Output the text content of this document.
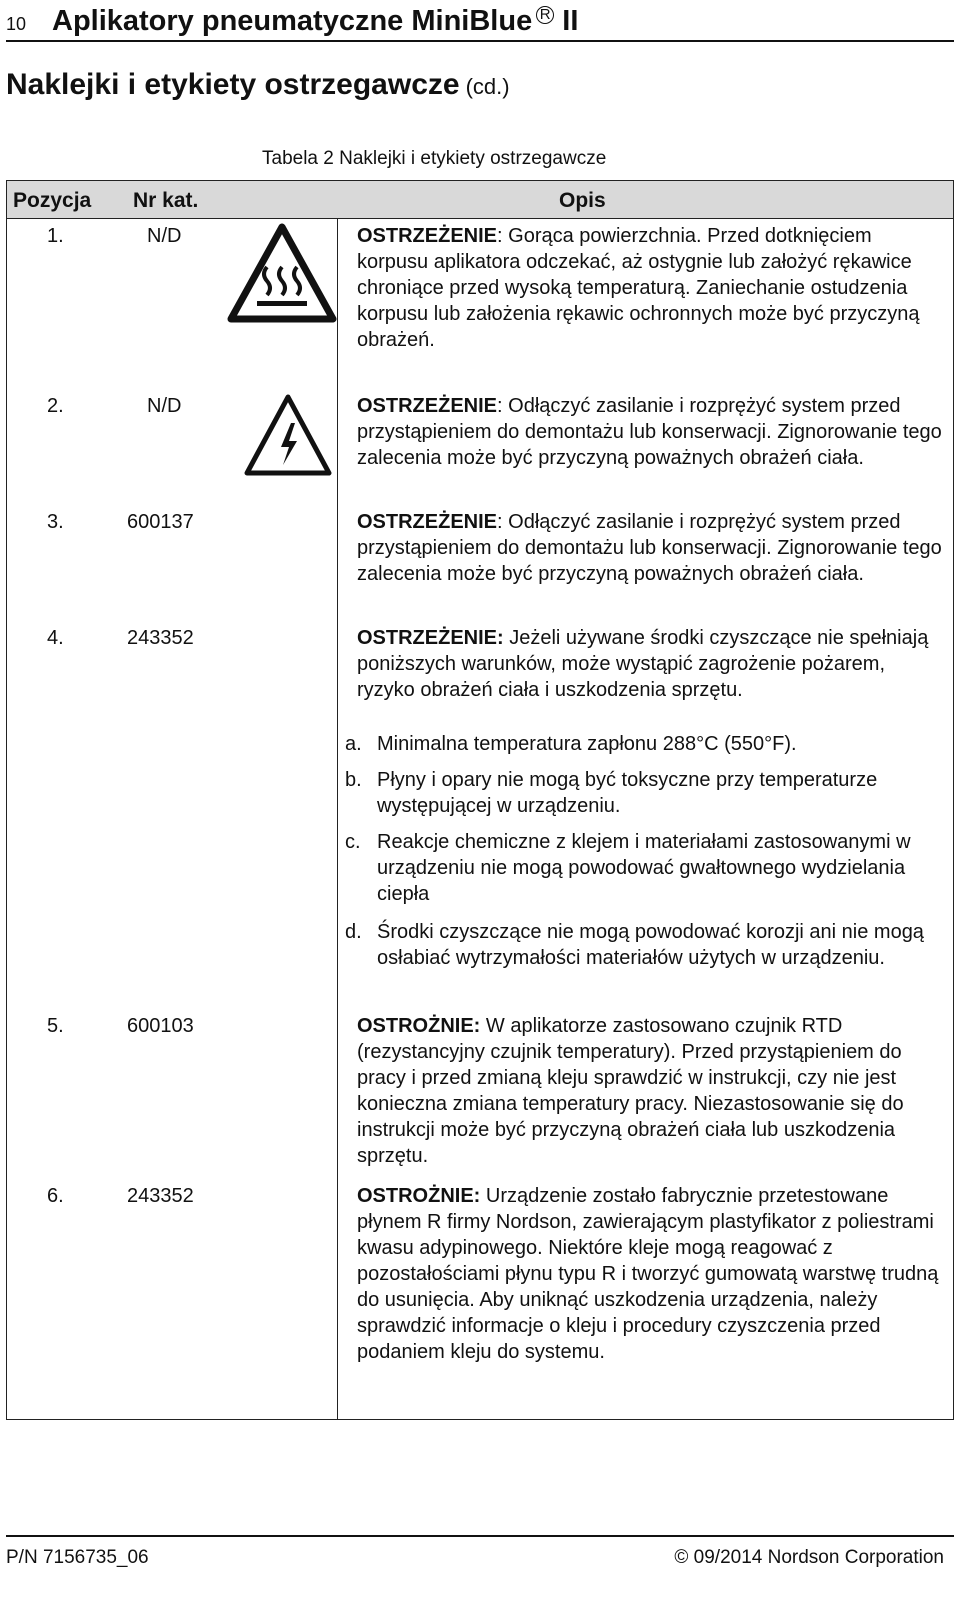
10 Aplikatory pneumatyczne MiniBlue R II
Naklejki i etykiety ostrzegawcze (cd.)
Tabela 2 Naklejki i etykiety ostrzegawcze
Pozycja Nr kat.	Opis
1.	N/D	OSTRZEŻENIE: Gorąca powierzchnia. Przed dotknięciem korpusu aplikatora odczekać, aż ostygnie lub założyć rękawice chroniące przed wysoką temperaturą. Zaniechanie ostudzenia korpusu lub założenia rękawic ochronnych może być przyczyną obrażeń.
2.	N/D	OSTRZEŻENIE: Odłączyć zasilanie i rozprężyć system przed przystąpieniem do demontażu lub konserwacji. Zignorowanie tego zalecenia może być przyczyną poważnych obrażeń ciała.
3.	600137	OSTRZEŻENIE: Odłączyć zasilanie i rozprężyć system przed przystąpieniem do demontażu lub konserwacji. Zignorowanie tego zalecenia może być przyczyną poważnych obrażeń ciała.
4.	243352	OSTRZEŻENIE: Jeżeli używane środki czyszczące nie spełniają poniższych warunków, może wystąpić zagrożenie pożarem, ryzyko obrażeń ciała i uszkodzenia sprzętu.
a. Minimalna temperatura zapłonu 288°C (550°F).
b. Płyny i opary nie mogą być toksyczne przy temperaturze występującej w urządzeniu.
c. Reakcje chemiczne z klejem i materiałami zastosowanymi w urządzeniu nie mogą powodować gwałtownego wydzielania ciepła
d. Środki czyszczące nie mogą powodować korozji ani nie mogą osłabiać wytrzymałości materiałów użytych w urządzeniu.
5.	600103	OSTROŻNIE: W aplikatorze zastosowano czujnik RTD (rezystancyjny czujnik temperatury). Przed przystąpieniem do pracy i przed zmianą kleju sprawdzić w instrukcji, czy nie jest konieczna zmiana temperatury pracy. Niezastosowanie się do instrukcji może być przyczyną obrażeń ciała lub uszkodzenia sprzętu.
6.	243352	OSTROŻNIE: Urządzenie zostało fabrycznie przetestowane płynem R firmy Nordson, zawierającym plastyfikator z poliestrami kwasu adypinowego. Niektóre kleje mogą reagować z pozostałościami płynu typu R i tworzyć gumowatą warstwę trudną do usunięcia. Aby uniknąć uszkodzenia urządzenia, należy sprawdzić informacje o kleju i procedury czyszczenia przed podaniem kleju do systemu.
P/N 7156735_06	© 09/2014 Nordson Corporation
